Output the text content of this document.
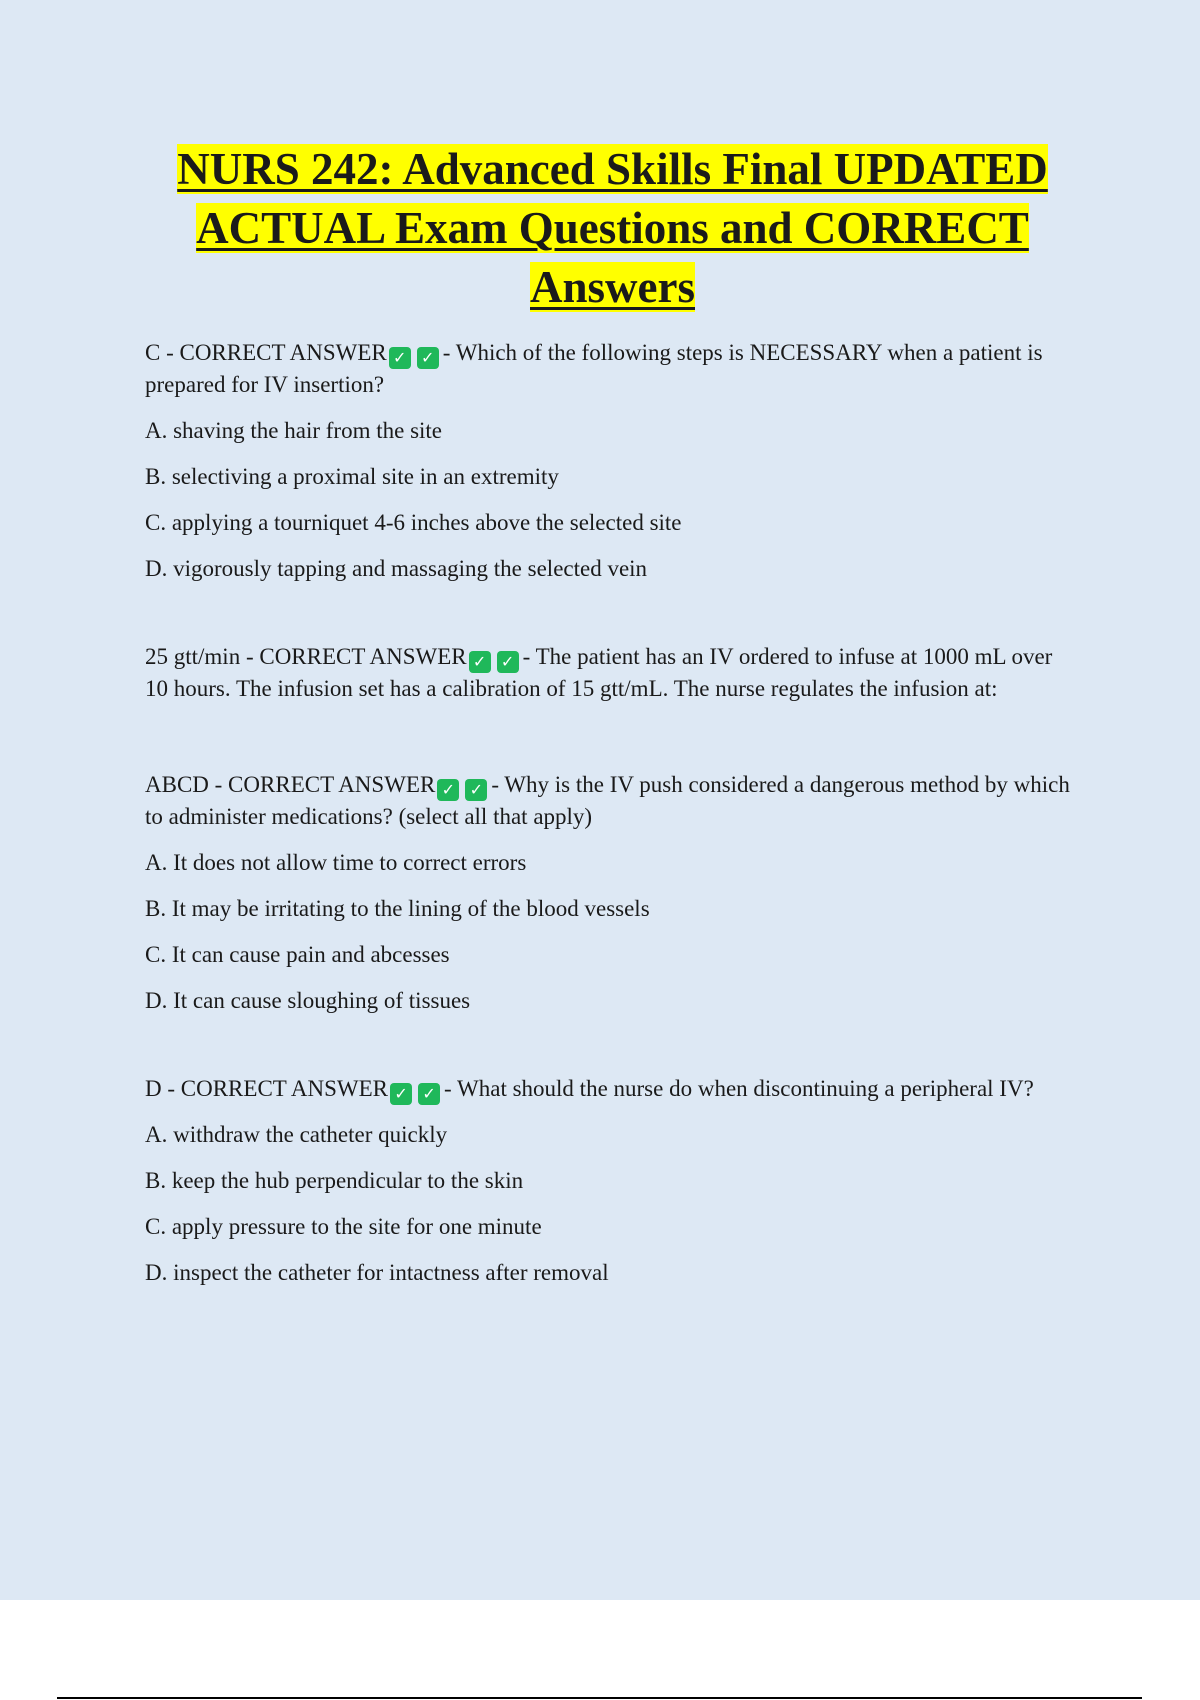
NURS 242: Advanced Skills Final UPDATED ACTUAL Exam Questions and CORRECT Answers

C - CORRECT ANSWER ✓ ✓ - Which of the following steps is NECESSARY when a patient is prepared for IV insertion?

A. shaving the hair from the site

B. selectiving a proximal site in an extremity

C. applying a tourniquet 4-6 inches above the selected site

D. vigorously tapping and massaging the selected vein

25 gtt/min - CORRECT ANSWER ✓ ✓ - The patient has an IV ordered to infuse at 1000 mL over 10 hours. The infusion set has a calibration of 15 gtt/mL. The nurse regulates the infusion at:

ABCD - CORRECT ANSWER ✓ ✓ - Why is the IV push considered a dangerous method by which to administer medications? (select all that apply)

A. It does not allow time to correct errors

B. It may be irritating to the lining of the blood vessels

C. It can cause pain and abcesses

D. It can cause sloughing of tissues

D - CORRECT ANSWER ✓ ✓ - What should the nurse do when discontinuing a peripheral IV?

A. withdraw the catheter quickly

B. keep the hub perpendicular to the skin

C. apply pressure to the site for one minute

D. inspect the catheter for intactness after removal
